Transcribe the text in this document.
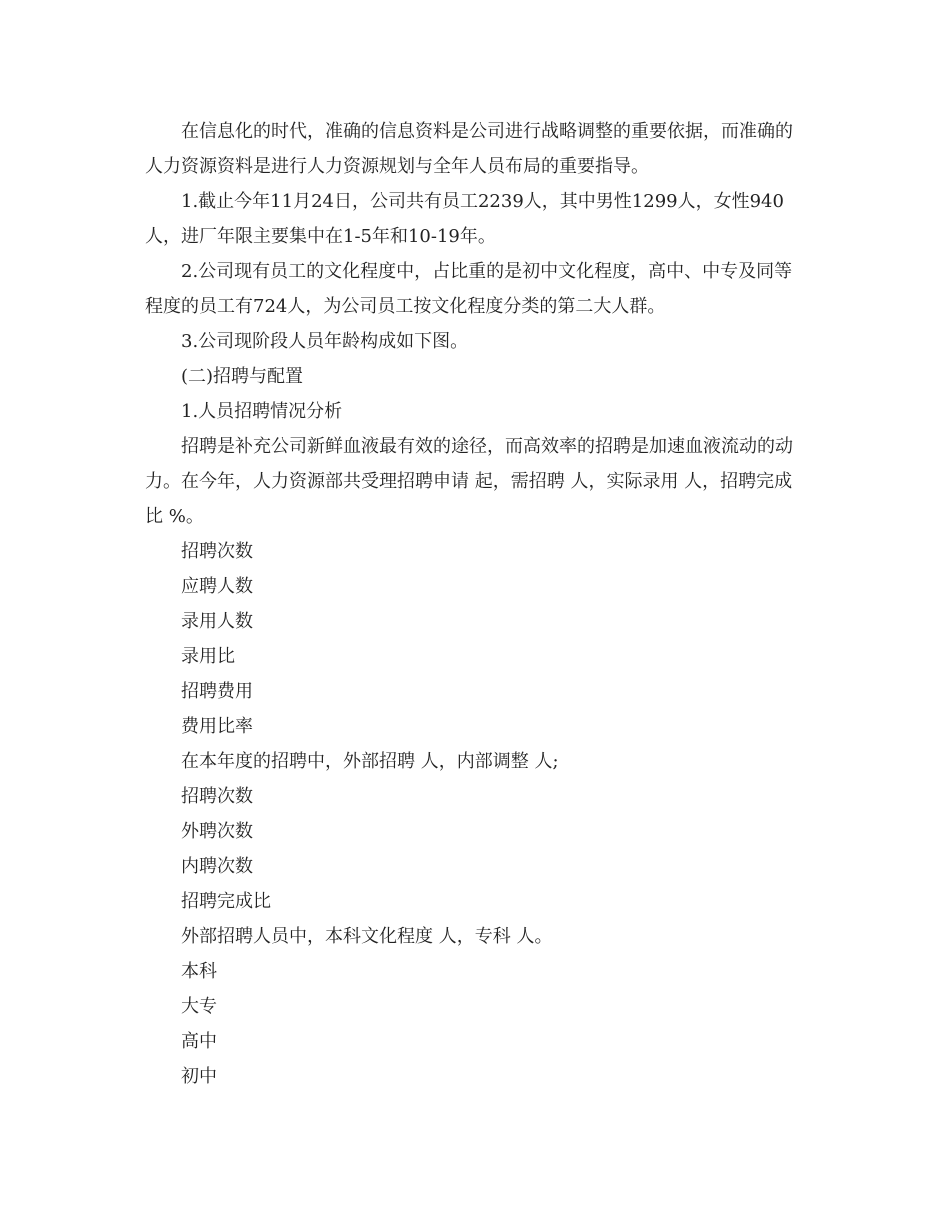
在信息化的时代，准确的信息资料是公司进行战略调整的重要依据，而准确的人力资源资料是进行人力资源规划与全年人员布局的重要指导。

1.截止今年11月24日，公司共有员工2239人，其中男性1299人，女性940人，进厂年限主要集中在1-5年和10-19年。

2.公司现有员工的文化程度中，占比重的是初中文化程度，高中、中专及同等程度的员工有724人，为公司员工按文化程度分类的第二大人群。

3.公司现阶段人员年龄构成如下图。

(二)招聘与配置

1.人员招聘情况分析

招聘是补充公司新鲜血液最有效的途径，而高效率的招聘是加速血液流动的动力。在今年，人力资源部共受理招聘申请 起，需招聘 人，实际录用 人，招聘完成比 %。

招聘次数

应聘人数

录用人数

录用比

招聘费用

费用比率

在本年度的招聘中，外部招聘 人，内部调整 人;

招聘次数

外聘次数

内聘次数

招聘完成比

外部招聘人员中，本科文化程度 人，专科 人。

本科

大专

高中

初中
